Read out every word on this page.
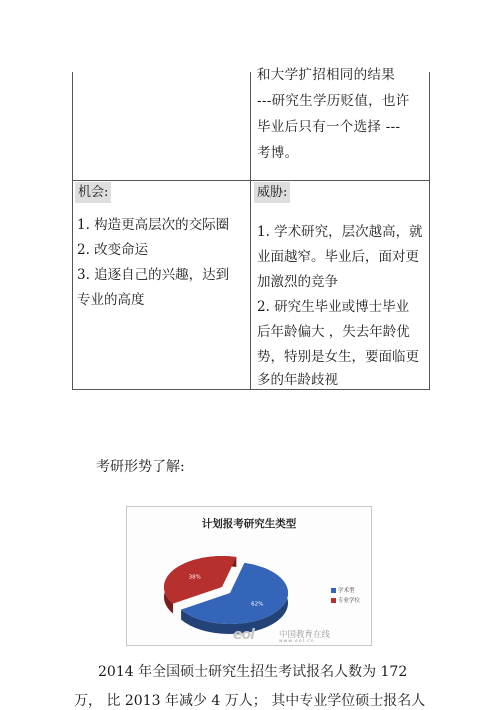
和大学扩招相同的结果
---研究生学历贬值，也许
毕业后只有一个选择 ---
考博。
机会:	威胁:
1. 构造更高层次的交际圈
2. 改变命运
3. 追逐自己的兴趣，达到
专业的高度
1. 学术研究，层次越高，就
业面越窄。毕业后，面对更
加激烈的竞争
2. 研究生毕业或博士毕业
后年龄偏大 ，失去年龄优
势，特别是女生，要面临更
多的年龄歧视
考研形势了解:
计划报考研究生类型
62%
38%
学术型
专业学位
eol	中国教育在线
www.eol.cn
2014 年全国硕士研究生招生考试报名人数为 172
万， 比 2013 年减少 4 万人； 其中专业学位硕士报名人
